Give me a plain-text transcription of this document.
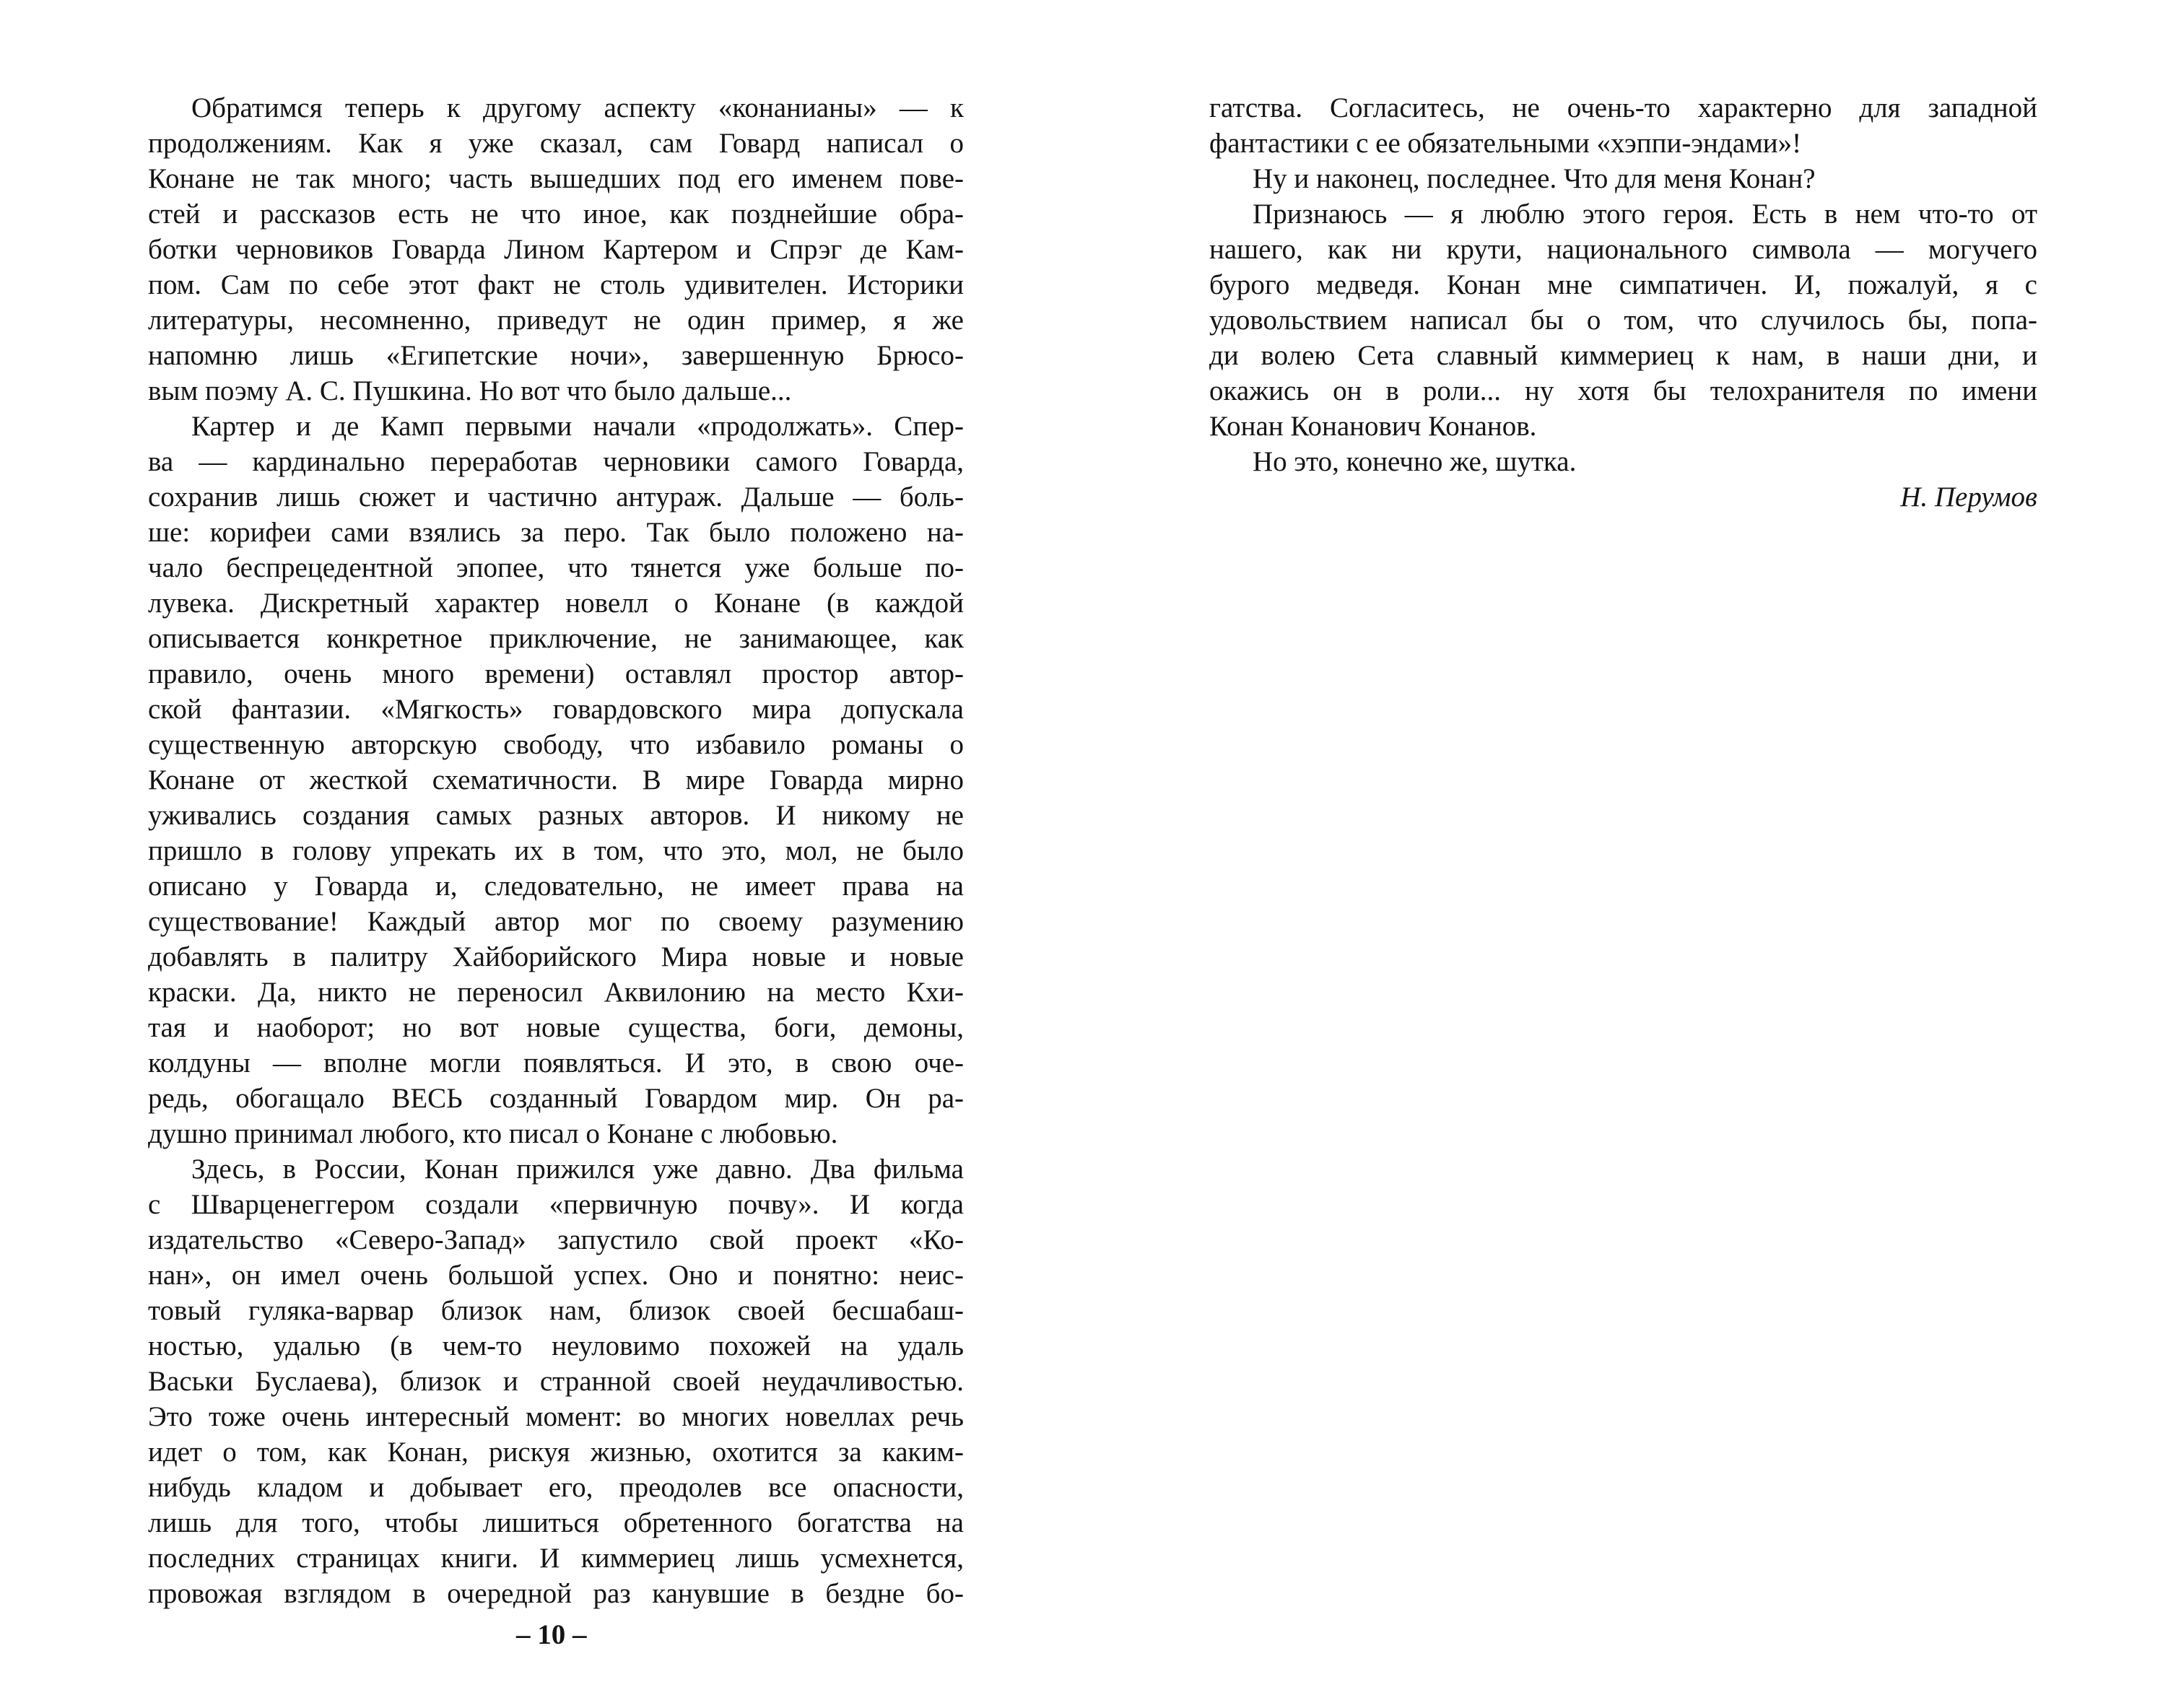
Обратимся теперь к другому аспекту «конанианы» — к
продолжениям. Как я уже сказал, сам Говард написал о
Конане не так много; часть вышедших под его именем пове-
стей и рассказов есть не что иное, как позднейшие обра-
ботки черновиков Говарда Лином Картером и Спрэг де Кам-
пом. Сам по себе этот факт не столь удивителен. Историки
литературы, несомненно, приведут не один пример, я же
напомню лишь «Египетские ночи», завершенную Брюсо-
вым поэму А. С. Пушкина. Но вот что было дальше...
Картер и де Камп первыми начали «продолжать». Спер-
ва — кардинально переработав черновики самого Говарда,
сохранив лишь сюжет и частично антураж. Дальше — боль-
ше: корифеи сами взялись за перо. Так было положено на-
чало беспрецедентной эпопее, что тянется уже больше по-
лувека. Дискретный характер новелл о Конане (в каждой
описывается конкретное приключение, не занимающее, как
правило, очень много времени) оставлял простор автор-
ской фантазии. «Мягкость» говардовского мира допускала
существенную авторскую свободу, что избавило романы о
Конане от жесткой схематичности. В мире Говарда мирно
уживались создания самых разных авторов. И никому не
пришло в голову упрекать их в том, что это, мол, не было
описано у Говарда и, следовательно, не имеет права на
существование! Каждый автор мог по своему разумению
добавлять в палитру Хайборийского Мира новые и новые
краски. Да, никто не переносил Аквилонию на место Кхи-
тая и наоборот; но вот новые существа, боги, демоны,
колдуны — вполне могли появляться. И это, в свою оче-
редь, обогащало ВЕСЬ созданный Говардом мир. Он ра-
душно принимал любого, кто писал о Конане с любовью.
Здесь, в России, Конан прижился уже давно. Два фильма
с Шварценеггером создали «первичную почву». И когда
издательство «Северо-Запад» запустило свой проект «Ко-
нан», он имел очень большой успех. Оно и понятно: неис-
товый гуляка-варвар близок нам, близок своей бесшабаш-
ностью, удалью (в чем-то неуловимо похожей на удаль
Васьки Буслаева), близок и странной своей неудачливостью.
Это тоже очень интересный момент: во многих новеллах речь
идет о том, как Конан, рискуя жизнью, охотится за каким-
нибудь кладом и добывает его, преодолев все опасности,
лишь для того, чтобы лишиться обретенного богатства на
последних страницах книги. И киммериец лишь усмехнется,
провожая взглядом в очередной раз канувшие в бездне бо-
гатства. Согласитесь, не очень-то характерно для западной
фантастики с ее обязательными «хэппи-эндами»!
Ну и наконец, последнее. Что для меня Конан?
Признаюсь — я люблю этого героя. Есть в нем что-то от
нашего, как ни крути, национального символа — могучего
бурого медведя. Конан мне симпатичен. И, пожалуй, я с
удовольствием написал бы о том, что случилось бы, попа-
ди волею Сета славный киммериец к нам, в наши дни, и
окажись он в роли... ну хотя бы телохранителя по имени
Конан Конанович Конанов.
Но это, конечно же, шутка.
Н. Перумов
– 10 –
